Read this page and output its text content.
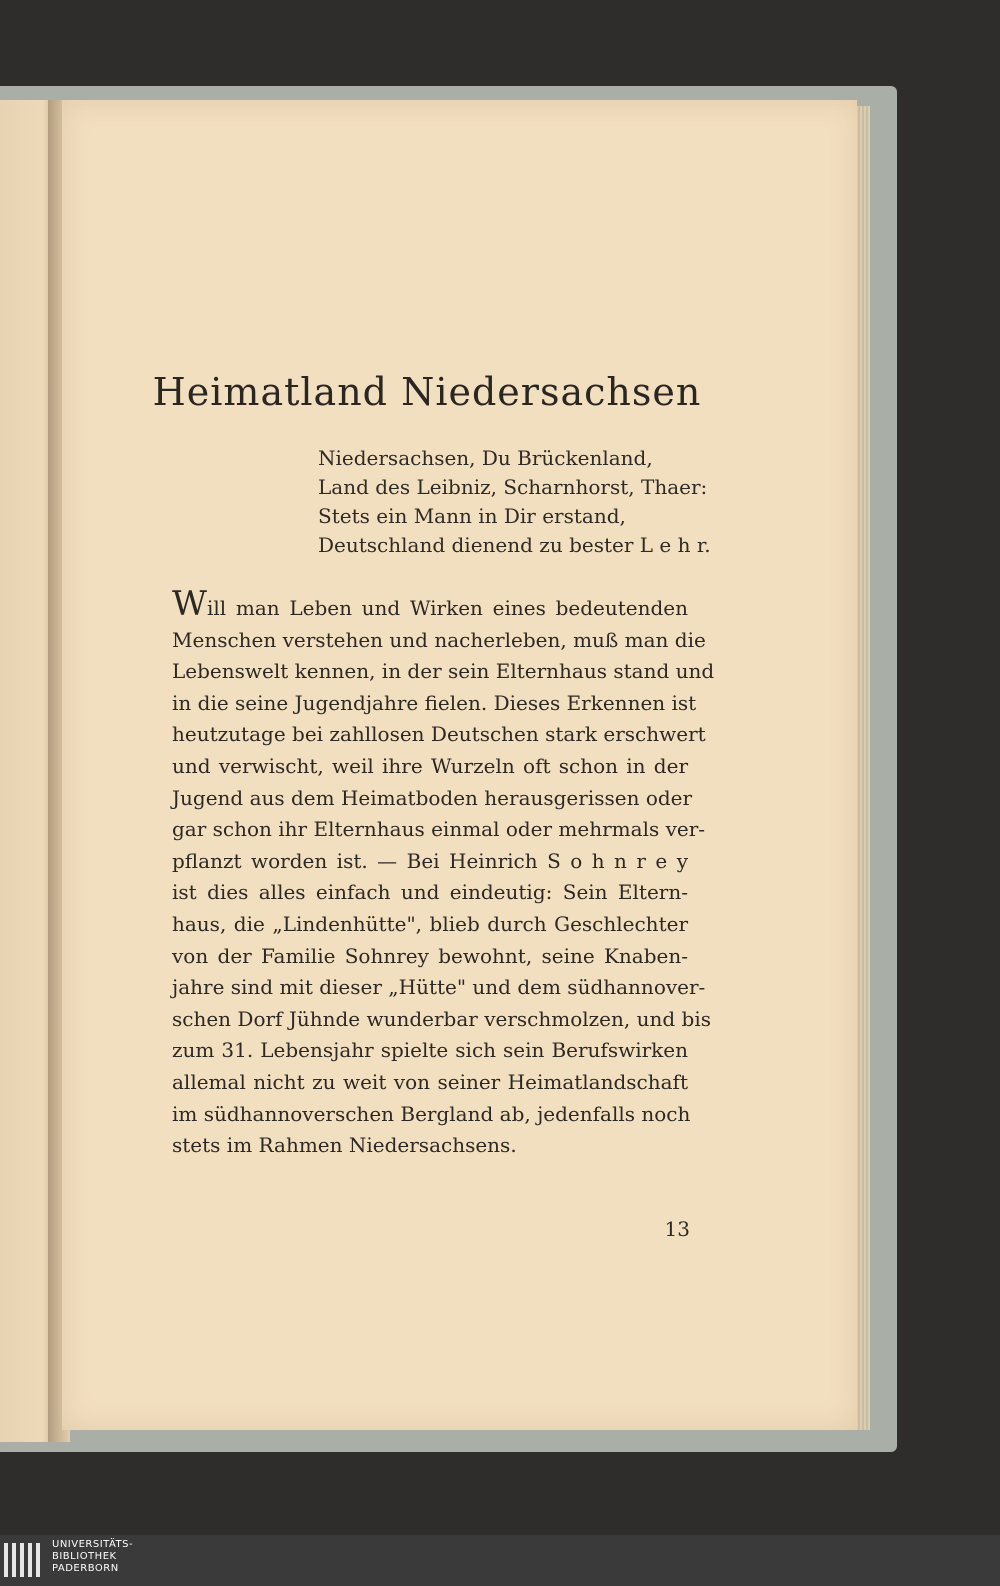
Heimatland Niedersachsen
Niedersachsen, Du Brückenland,
Land des Leibniz, Scharnhorst, Thaer:
Stets ein Mann in Dir erstand,
Deutschland dienend zu bester L e h r.
Will man Leben und Wirken eines bedeutenden
Menschen verstehen und nacherleben, muß man die
Lebenswelt kennen, in der sein Elternhaus stand und
in die seine Jugendjahre fielen. Dieses Erkennen ist
heutzutage bei zahllosen Deutschen stark erschwert
und verwischt, weil ihre Wurzeln oft schon in der
Jugend aus dem Heimatboden herausgerissen oder
gar schon ihr Elternhaus einmal oder mehrmals ver-
pflanzt worden ist. — Bei Heinrich S o h n r e y
ist dies alles einfach und eindeutig: Sein Eltern-
haus, die „Lindenhütte", blieb durch Geschlechter
von der Familie Sohnrey bewohnt, seine Knaben-
jahre sind mit dieser „Hütte" und dem südhannover-
schen Dorf Jühnde wunderbar verschmolzen, und bis
zum 31. Lebensjahr spielte sich sein Berufswirken
allemal nicht zu weit von seiner Heimatlandschaft
im südhannoverschen Bergland ab, jedenfalls noch
stets im Rahmen Niedersachsens.
13
UNIVERSITÄTS-
BIBLIOTHEK
PADERBORN
